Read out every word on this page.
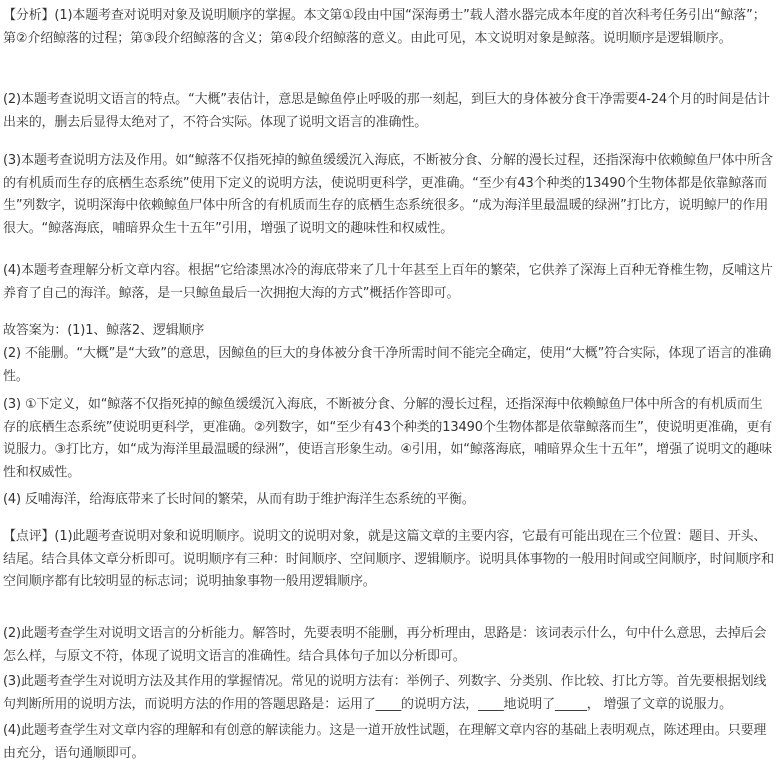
​
【分析】(1)本题考查对说明对象及说明顺序的掌握。本文第①段由中国“深海勇士”载人潜水器完成本年度的首次科考任务引出“鲸落”；第②介绍鲸落的过程；第③段介绍鲸落的含义；第④段介绍鲸落的意义。由此可见，本文说明对象是鲸落。说明顺序是逻辑顺序。
(2)本题考查说明文语言的特点。“大概”表估计，意思是鲸鱼停止呼吸的那一刻起，到巨大的身体被分食干净需要4-24个月的时间是估计出来的，删去后显得太绝对了，不符合实际。体现了说明文语言的准确性。
(3)本题考查说明方法及作用。如“鲸落不仅指死掉的鲸鱼缓缓沉入海底，不断被分食、分解的漫长过程，还指深海中依赖鲸鱼尸体中所含的有机质而生存的底栖生态系统”使用下定义的说明方法，使说明更科学，更准确。“至少有43个种类的13490个生物体都是依靠鲸落而生”列数字，说明深海中依赖鲸鱼尸体中所含的有机质而生存的底栖生态系统很多。“成为海洋里最温暖的绿洲”打比方，说明鲸尸的作用很大。“鲸落海底，哺暗界众生十五年”引用，增强了说明文的趣味性和权威性。
(4)本题考查理解分析文章内容。根据“它给漆黑冰冷的海底带来了几十年甚至上百年的繁荣，它供养了深海上百种无脊椎生物，反哺这片养育了自己的海洋。鲸落，是一只鲸鱼最后一次拥抱大海的方式”概括作答即可。
故答案为：(1)1、鲸落2、逻辑顺序
(2) 不能删。“大概”是“大致”的意思，因鲸鱼的巨大的身体被分食干净所需时间不能完全确定，使用“大概”符合实际，体现了语言的准确性。
(3) ①下定义，如“鲸落不仅指死掉的鲸鱼缓缓沉入海底，不断被分食、分解的漫长过程，还指深海中依赖鲸鱼尸体中所含的有机质而生存的底栖生态系统”使说明更科学，更准确。②列数字，如“至少有43个种类的13490个生物体都是依靠鲸落而生”，使说明更准确，更有说服力。③打比方，如“成为海洋里最温暖的绿洲”，使语言形象生动。④引用，如“鲸落海底，哺暗界众生十五年”，增强了说明文的趣味性和权威性。
(4) 反哺海洋，给海底带来了长时间的繁荣，从而有助于维护海洋生态系统的平衡。
【点评】(1)此题考查说明对象和说明顺序。说明文的说明对象，就是这篇文章的主要内容，它最有可能出现在三个位置：题目、开头、结尾。结合具体文章分析即可。说明顺序有三种：时间顺序、空间顺序、逻辑顺序。说明具体事物的一般用时间或空间顺序，时间顺序和空间顺序都有比较明显的标志词；说明抽象事物一般用逻辑顺序。
(2)此题考查学生对说明文语言的分析能力。解答时，先要表明不能删，再分析理由，思路是：该词表示什么，句中什么意思，去掉后会怎么样，与原文不符，体现了说明文语言的准确性。结合具体句子加以分析即可。
(3)此题考查学生对说明方法及其作用的掌握情况。常见的说明方法有：举例子、列数字、分类别、作比较、打比方等。首先要根据划线句判断所用的说明方法，而说明方法的作用的答题思路是：运用了____的说明方法，____地说明了_____， 增强了文章的说服力。
(4)此题考查学生对文章内容的理解和有创意的解读能力。这是一道开放性试题，在理解文章内容的基础上表明观点，陈述理由。只要理由充分，语句通顺即可。
